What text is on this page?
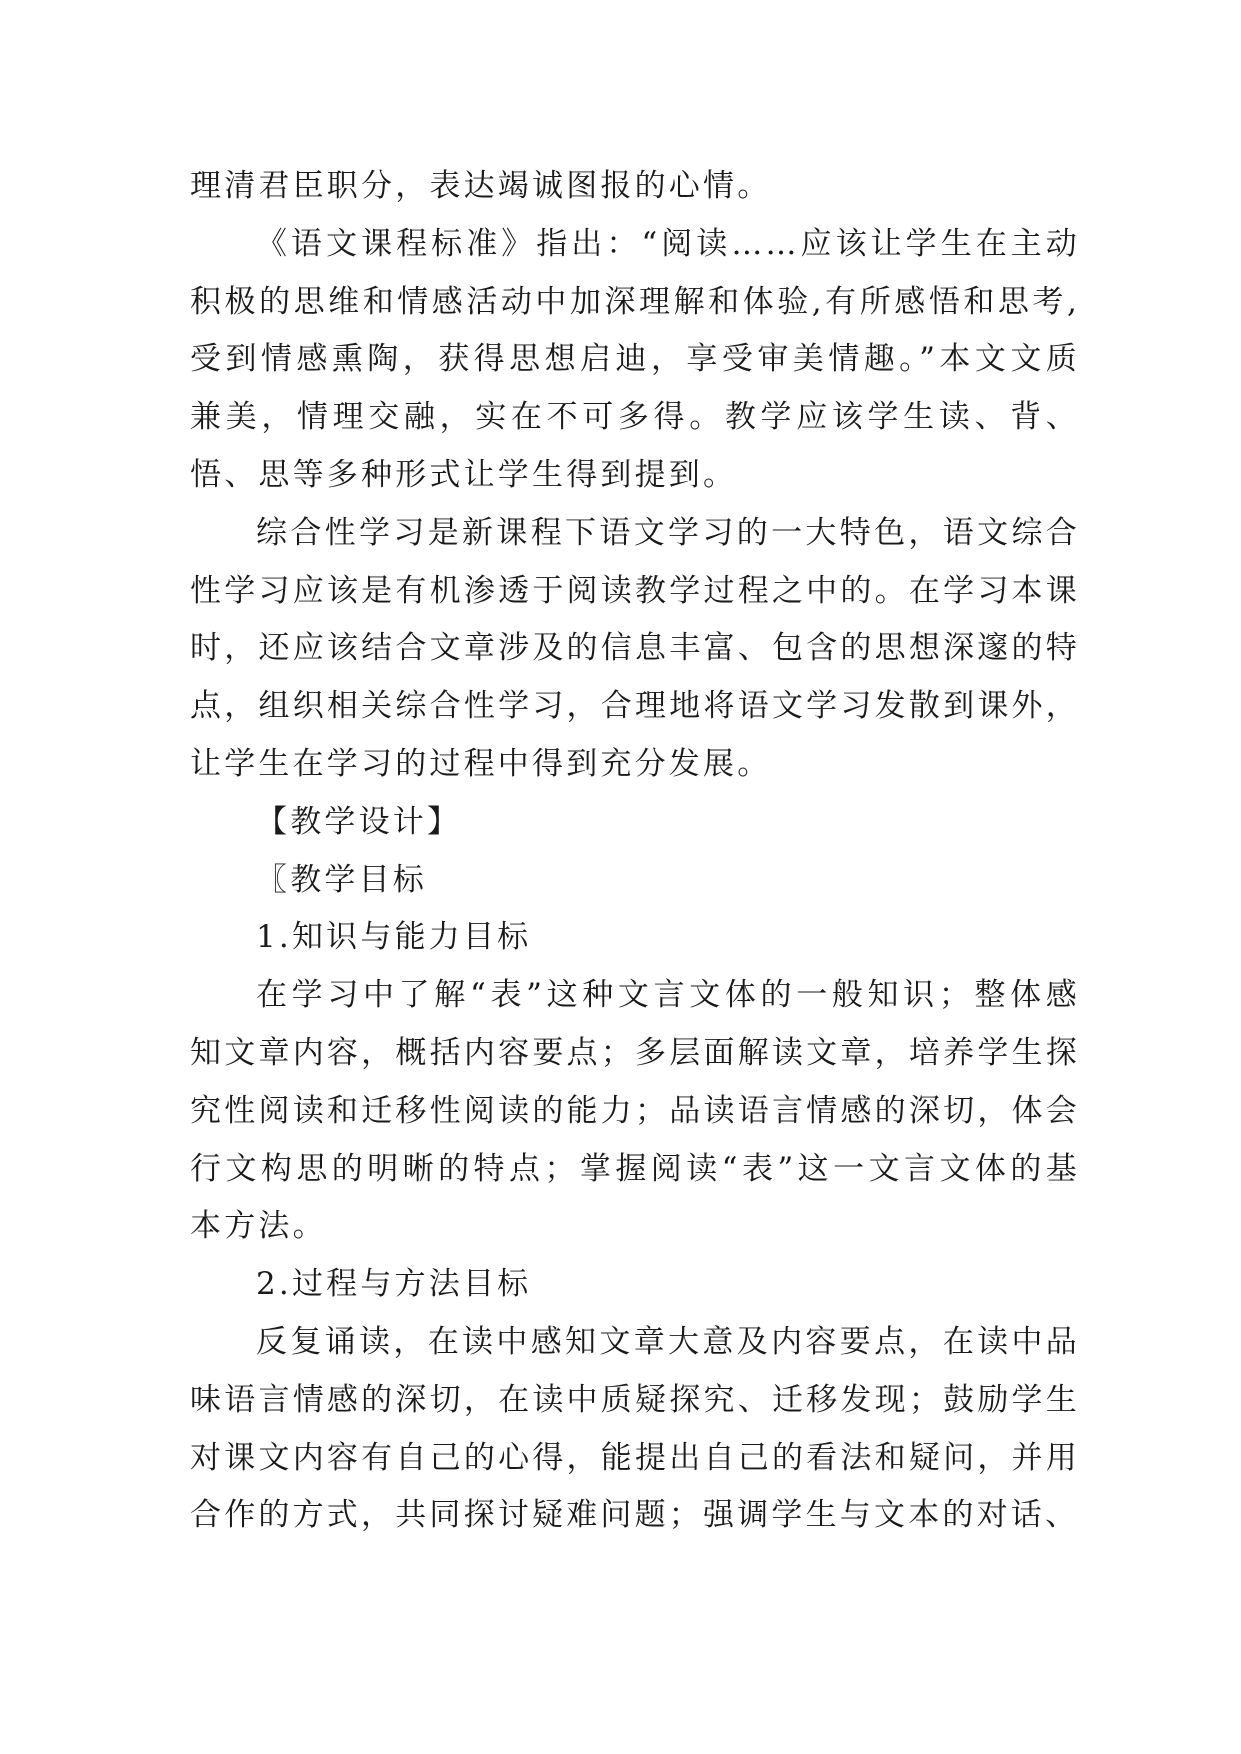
理清君臣职分，表达竭诚图报的心情。

《语文课程标准》指出：“阅读……应该让学生在主动积极的思维和情感活动中加深理解和体验,有所感悟和思考,受到情感熏陶，获得思想启迪，享受审美情趣。”本文文质兼美，情理交融，实在不可多得。教学应该学生读、背、悟、思等多种形式让学生得到提到。

综合性学习是新课程下语文学习的一大特色，语文综合性学习应该是有机渗透于阅读教学过程之中的。在学习本课时，还应该结合文章涉及的信息丰富、包含的思想深邃的特点，组织相关综合性学习，合理地将语文学习发散到课外，让学生在学习的过程中得到充分发展。

【教学设计】

〖教学目标

1.知识与能力目标

在学习中了解“表”这种文言文体的一般知识；整体感知文章内容，概括内容要点；多层面解读文章，培养学生探究性阅读和迁移性阅读的能力；品读语言情感的深切，体会行文构思的明晰的特点；掌握阅读“表”这一文言文体的基本方法。

2.过程与方法目标

反复诵读，在读中感知文章大意及内容要点，在读中品味语言情感的深切，在读中质疑探究、迁移发现；鼓励学生对课文内容有自己的心得，能提出自己的看法和疑问，并用合作的方式，共同探讨疑难问题；强调学生与文本的对话、
